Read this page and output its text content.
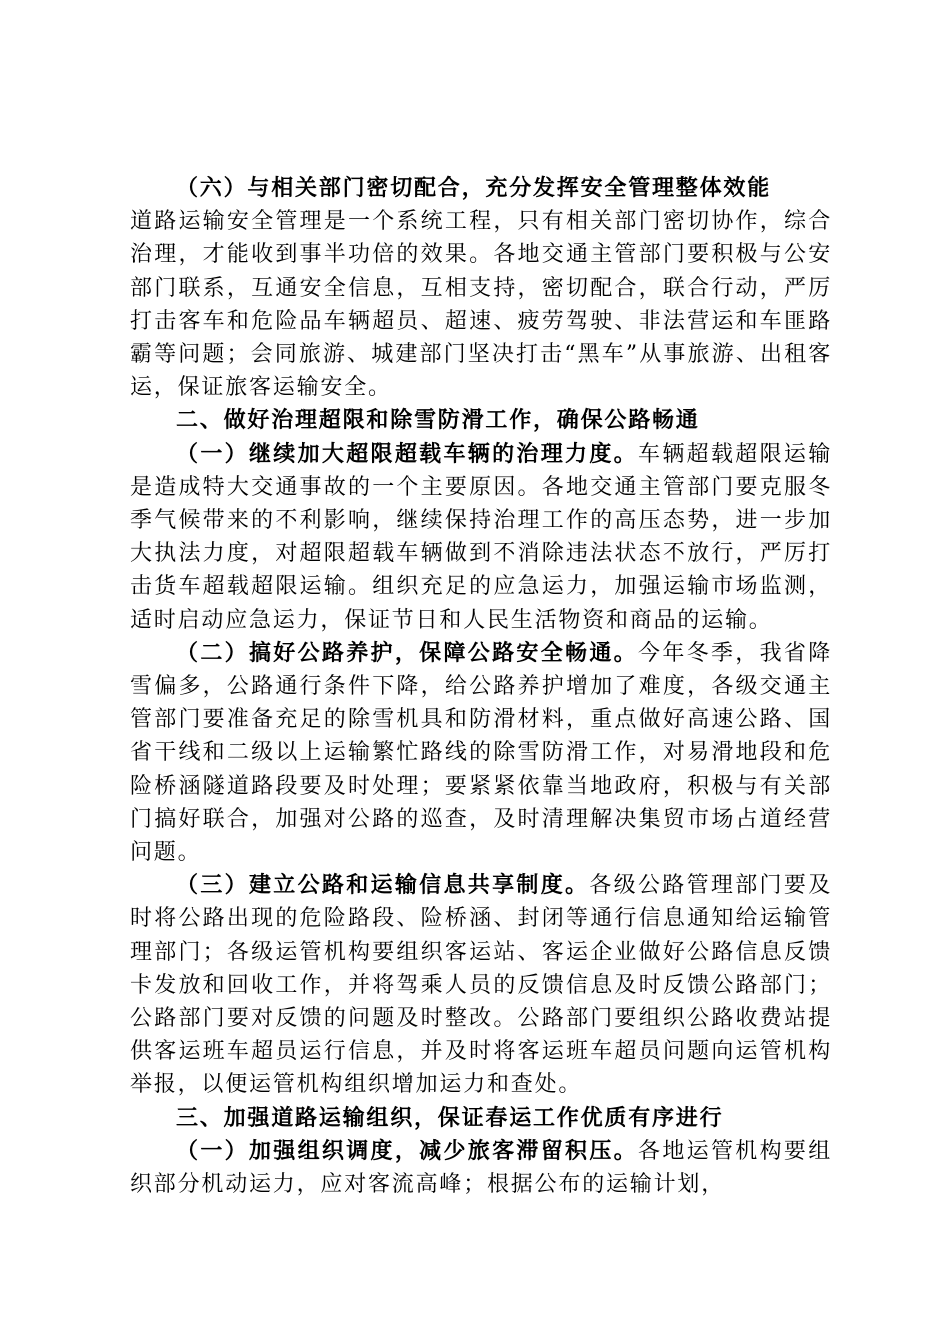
（六）与相关部门密切配合，充分发挥安全管理整体效能

道路运输安全管理是一个系统工程，只有相关部门密切协作，综合治理，才能收到事半功倍的效果。各地交通主管部门要积极与公安部门联系，互通安全信息，互相支持，密切配合，联合行动，严厉打击客车和危险品车辆超员、超速、疲劳驾驶、非法营运和车匪路霸等问题；会同旅游、城建部门坚决打击“黑车”从事旅游、出租客运，保证旅客运输安全。

二、做好治理超限和除雪防滑工作，确保公路畅通

（一）继续加大超限超载车辆的治理力度。车辆超载超限运输是造成特大交通事故的一个主要原因。各地交通主管部门要克服冬季气候带来的不利影响，继续保持治理工作的高压态势，进一步加大执法力度，对超限超载车辆做到不消除违法状态不放行，严厉打击货车超载超限运输。组织充足的应急运力，加强运输市场监测，适时启动应急运力，保证节日和人民生活物资和商品的运输。

（二）搞好公路养护，保障公路安全畅通。今年冬季，我省降雪偏多，公路通行条件下降，给公路养护增加了难度，各级交通主管部门要准备充足的除雪机具和防滑材料，重点做好高速公路、国省干线和二级以上运输繁忙路线的除雪防滑工作，对易滑地段和危险桥涵隧道路段要及时处理；要紧紧依靠当地政府，积极与有关部门搞好联合，加强对公路的巡查，及时清理解决集贸市场占道经营问题。

（三）建立公路和运输信息共享制度。各级公路管理部门要及时将公路出现的危险路段、险桥涵、封闭等通行信息通知给运输管理部门；各级运管机构要组织客运站、客运企业做好公路信息反馈卡发放和回收工作，并将驾乘人员的反馈信息及时反馈公路部门；公路部门要对反馈的问题及时整改。公路部门要组织公路收费站提供客运班车超员运行信息，并及时将客运班车超员问题向运管机构举报，以便运管机构组织增加运力和查处。

三、加强道路运输组织，保证春运工作优质有序进行

（一）加强组织调度，减少旅客滞留积压。各地运管机构要组织部分机动运力，应对客流高峰；根据公布的运输计划，
